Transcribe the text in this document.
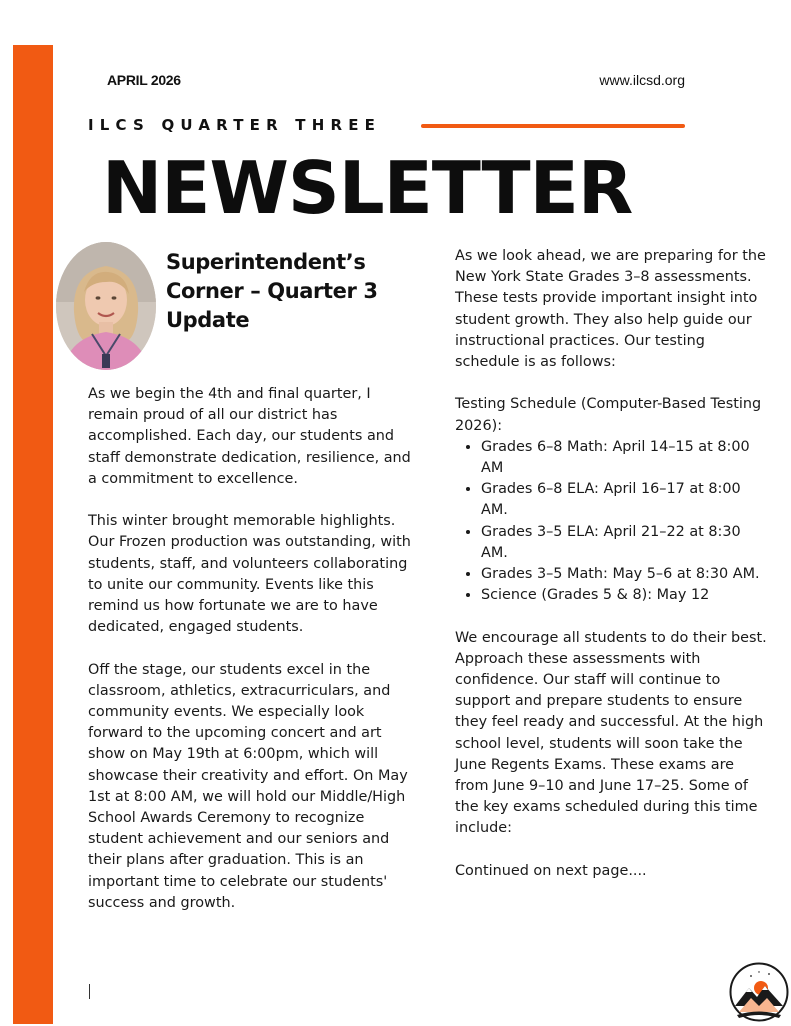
APRIL 2026	www.ilcsd.org
ILCS QUARTER THREE
NEWSLETTER
Superintendent’s Corner – Quarter 3 Update

As we begin the 4th and final quarter, I remain proud of all our district has accomplished. Each day, our students and staff demonstrate dedication, resilience, and a commitment to excellence.

This winter brought memorable highlights. Our Frozen production was outstanding, with students, staff, and volunteers collaborating to unite our community. Events like this remind us how fortunate we are to have dedicated, engaged students.

Off the stage, our students excel in the classroom, athletics, extracurriculars, and community events. We especially look forward to the upcoming concert and art show on May 19th at 6:00pm, which will showcase their creativity and effort. On May 1st at 8:00 AM, we will hold our Middle/High School Awards Ceremony to recognize student achievement and our seniors and their plans after graduation. This is an important time to celebrate our students' success and growth.

As we look ahead, we are preparing for the New York State Grades 3–8 assessments. These tests provide important insight into student growth. They also help guide our instructional practices. Our testing schedule is as follows:

Testing Schedule (Computer-Based Testing 2026):
• Grades 6–8 Math: April 14–15 at 8:00 AM
• Grades 6–8 ELA: April 16–17 at 8:00 AM.
• Grades 3–5 ELA: April 21–22 at 8:30 AM.
• Grades 3–5 Math: May 5–6 at 8:30 AM.
• Science (Grades 5 & 8): May 12

We encourage all students to do their best. Approach these assessments with confidence. Our staff will continue to support and prepare students to ensure they feel ready and successful. At the high school level, students will soon take the June Regents Exams. These exams are from June 9–10 and June 17–25. Some of the key exams scheduled during this time include:

Continued on next page....
